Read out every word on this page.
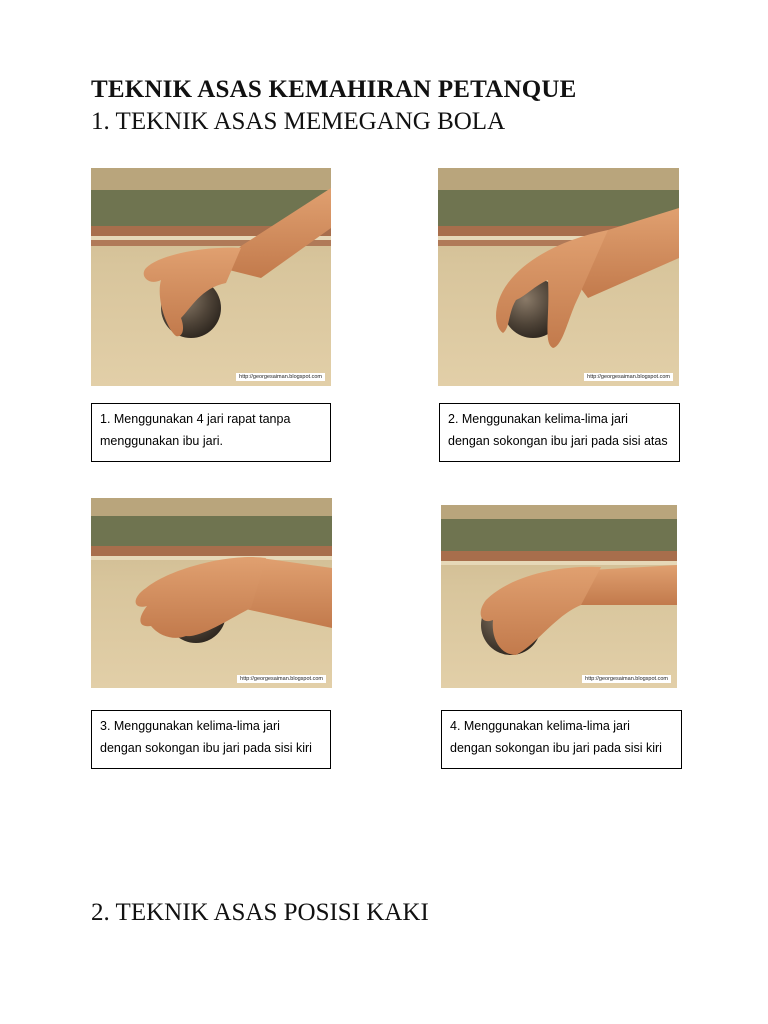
TEKNIK ASAS KEMAHIRAN PETANQUE
1. TEKNIK ASAS MEMEGANG BOLA
http://georgesaiman.blogspot.com	http://georgesaiman.blogspot.com
1. Menggunakan 4 jari rapat tanpa menggunakan ibu jari.
2. Menggunakan kelima-lima jari dengan sokongan ibu jari pada sisi atas
http://georgesaiman.blogspot.com	http://georgesaiman.blogspot.com
3. Menggunakan kelima-lima jari dengan sokongan ibu jari pada sisi kiri
4. Menggunakan kelima-lima jari dengan sokongan ibu jari pada sisi kiri
2. TEKNIK ASAS POSISI KAKI
